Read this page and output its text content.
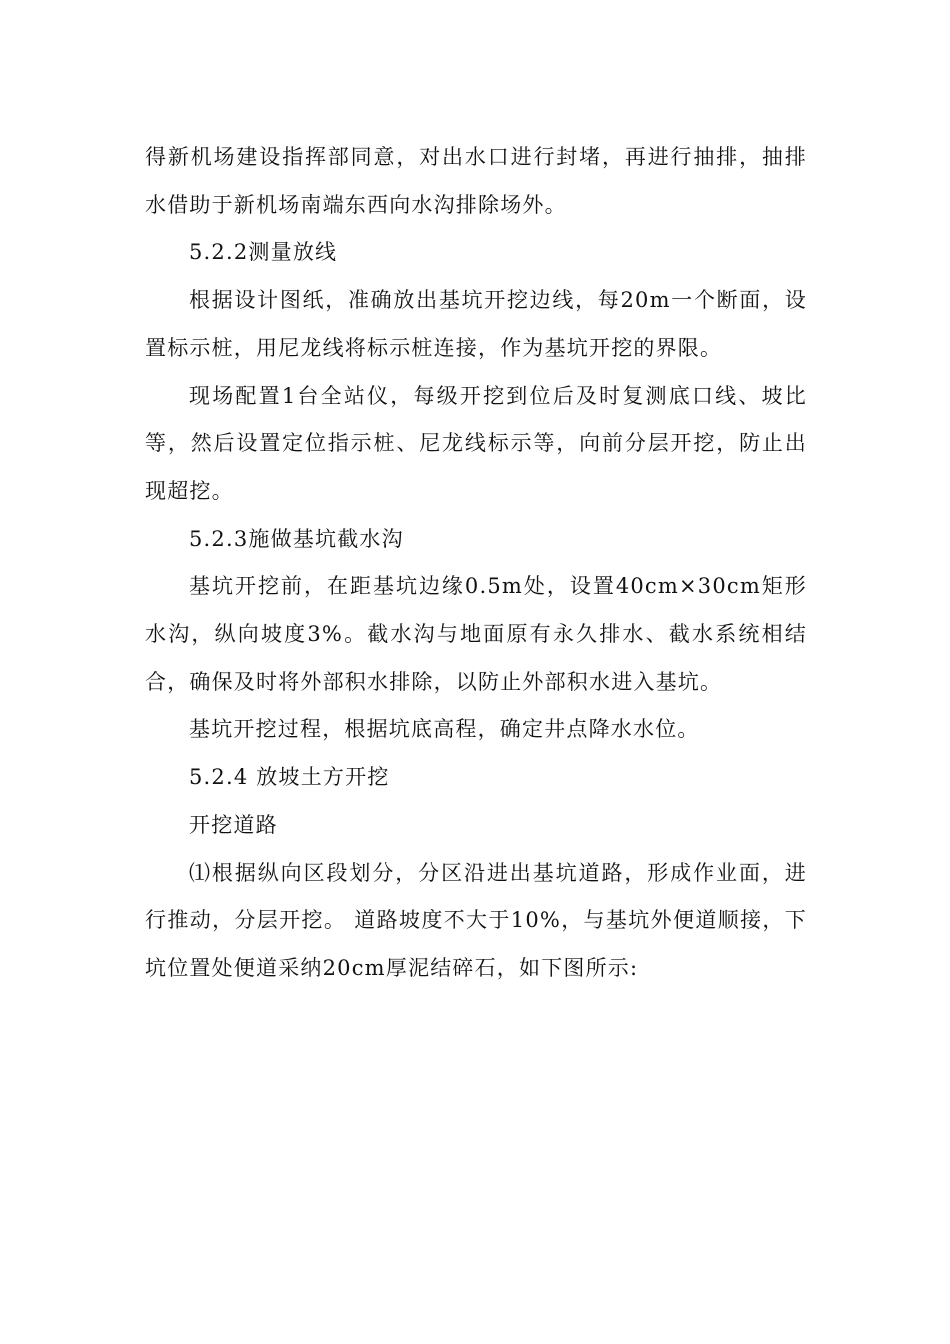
得新机场建设指挥部同意，对出水口进行封堵，再进行抽排，抽排水借助于新机场南端东西向水沟排除场外。

5.2.2测量放线

根据设计图纸，准确放出基坑开挖边线，每20m一个断面，设置标示桩，用尼龙线将标示桩连接，作为基坑开挖的界限。

现场配置1台全站仪，每级开挖到位后及时复测底口线、坡比等，然后设置定位指示桩、尼龙线标示等，向前分层开挖，防止出现超挖。

5.2.3施做基坑截水沟

基坑开挖前，在距基坑边缘0.5m处，设置40cm×30cm矩形水沟，纵向坡度3%。截水沟与地面原有永久排水、截水系统相结合，确保及时将外部积水排除，以防止外部积水进入基坑。

基坑开挖过程，根据坑底高程，确定井点降水水位。

5.2.4 放坡土方开挖

开挖道路

⑴根据纵向区段划分，分区沿进出基坑道路，形成作业面，进行推动，分层开挖。 道路坡度不大于10%，与基坑外便道顺接，下坑位置处便道采纳20cm厚泥结碎石，如下图所示:
